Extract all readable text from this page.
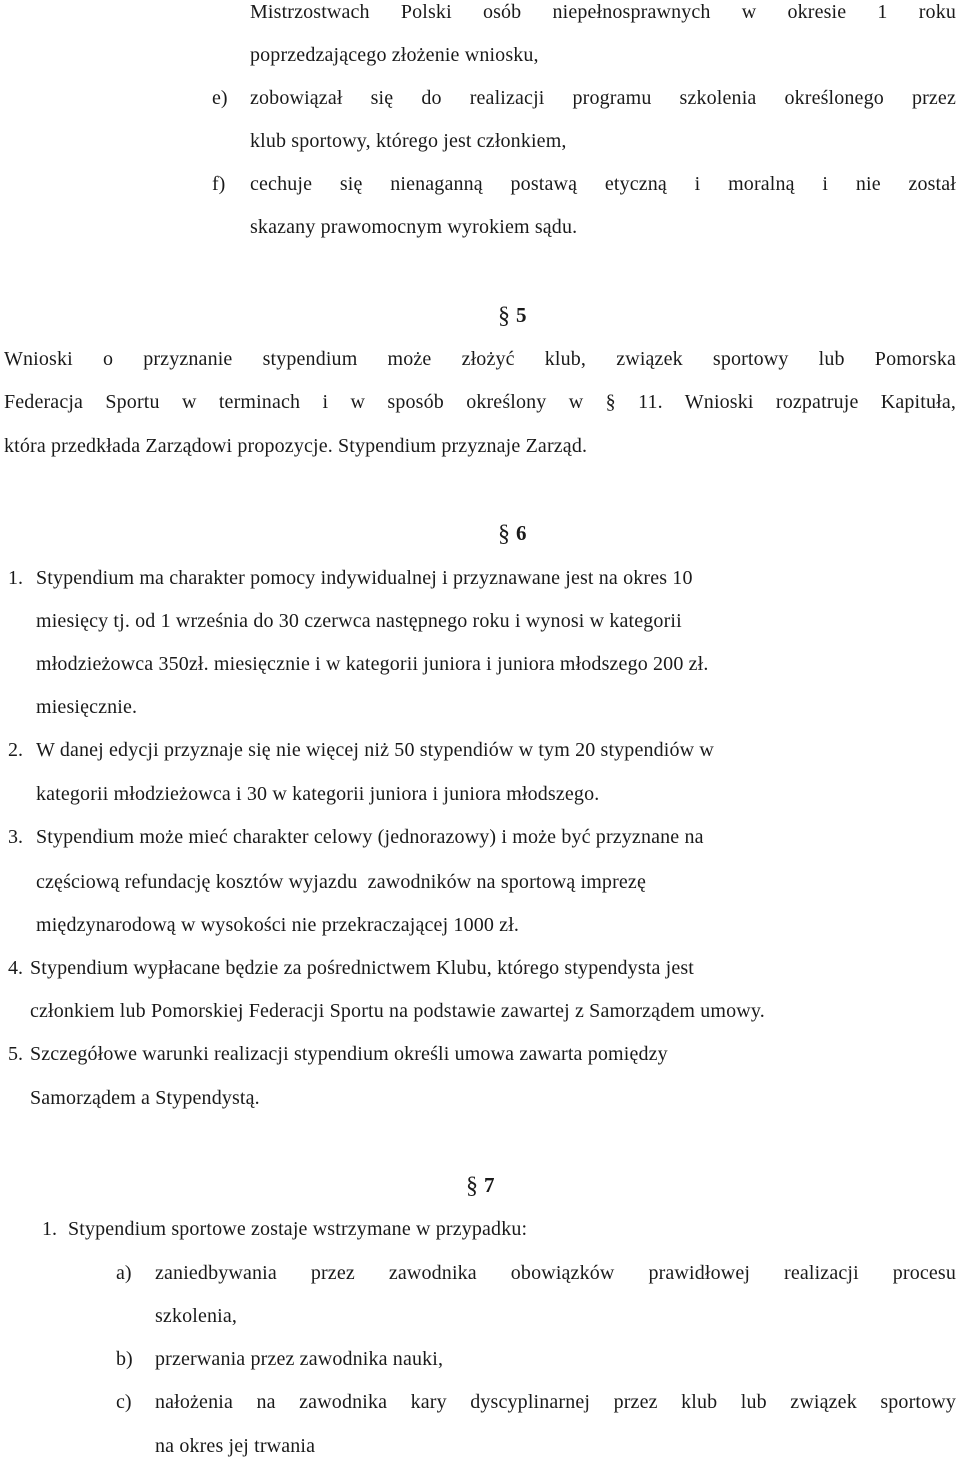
Mistrzostwach Polski osób niepełnosprawnych w okresie 1 roku
poprzedzającego złożenie wniosku,
e) zobowiązał się do realizacji programu szkolenia określonego przez
klub sportowy, którego jest członkiem,
f) cechuje się nienaganną postawą etyczną i moralną i nie został
skazany prawomocnym wyrokiem sądu.
§ 5
Wnioski o przyznanie stypendium może złożyć klub, związek sportowy lub Pomorska
Federacja Sportu w terminach i w sposób określony w § 11. Wnioski rozpatruje Kapituła,
która przedkłada Zarządowi propozycje. Stypendium przyznaje Zarząd.
§ 6
1. Stypendium ma charakter pomocy indywidualnej i przyznawane jest na okres 10
miesięcy tj. od 1 września do 30 czerwca następnego roku i wynosi w kategorii
młodzieżowca 350zł. miesięcznie i w kategorii juniora i juniora młodszego 200 zł.
miesięcznie.
2. W danej edycji przyznaje się nie więcej niż 50 stypendiów w tym 20 stypendiów w
kategorii młodzieżowca i 30 w kategorii juniora i juniora młodszego.
3. Stypendium może mieć charakter celowy (jednorazowy) i może być przyznane na
częściową refundację kosztów wyjazdu  zawodników na sportową imprezę
międzynarodową w wysokości nie przekraczającej 1000 zł.
4. Stypendium wypłacane będzie za pośrednictwem Klubu, którego stypendysta jest
członkiem lub Pomorskiej Federacji Sportu na podstawie zawartej z Samorządem umowy.
5. Szczegółowe warunki realizacji stypendium określi umowa zawarta pomiędzy
Samorządem a Stypendystą.
§ 7
1. Stypendium sportowe zostaje wstrzymane w przypadku:
a) zaniedbywania przez zawodnika obowiązków prawidłowej realizacji procesu
szkolenia,
b) przerwania przez zawodnika nauki,
c) nałożenia na zawodnika kary dyscyplinarnej przez klub lub związek sportowy
na okres jej trwania
